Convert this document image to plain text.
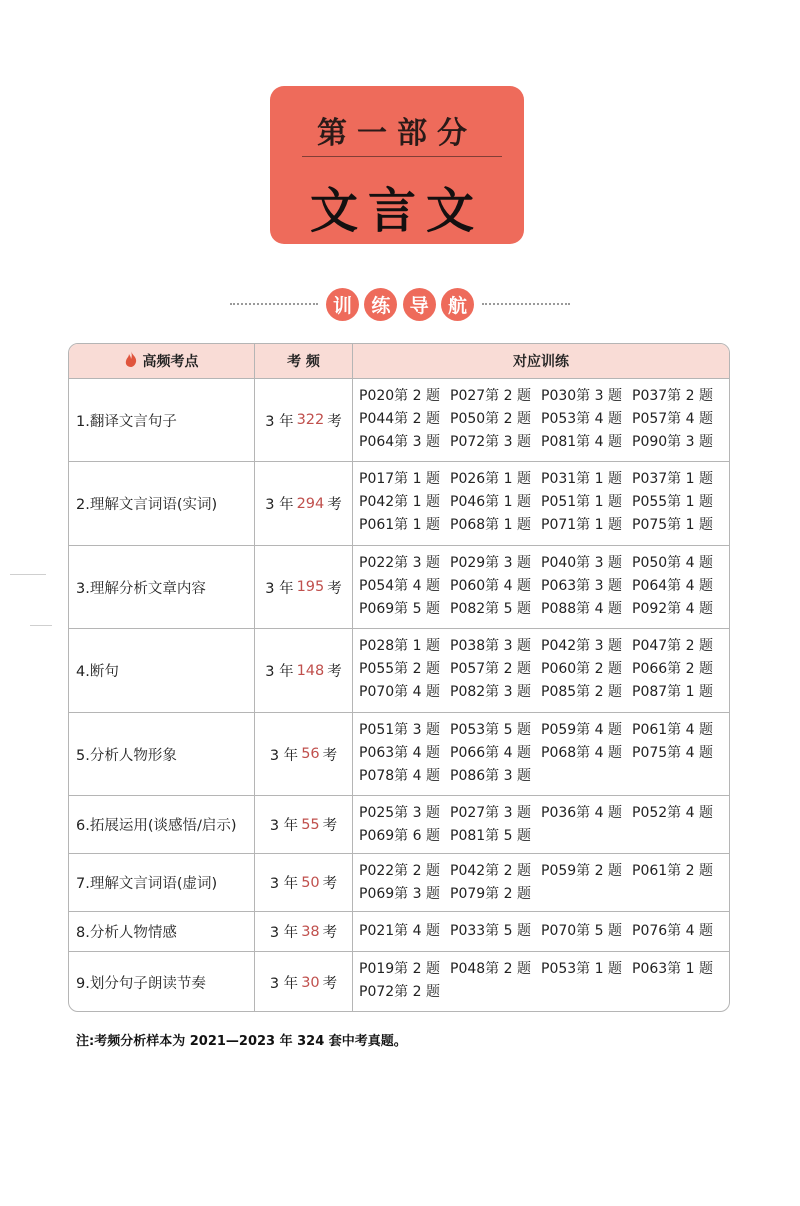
第一部分
文言文
训	练	导	航
高频考点	考 频	对应训练
1.翻译文言句子	3 年 322 考
P020第 2 题 P027第 2 题 P030第 3 题 P037第 2 题
P044第 2 题 P050第 2 题 P053第 4 题 P057第 4 题
P064第 3 题 P072第 3 题 P081第 4 题 P090第 3 题
2.理解文言词语(实词)	3 年 294 考
P017第 1 题 P026第 1 题 P031第 1 题 P037第 1 题
P042第 1 题 P046第 1 题 P051第 1 题 P055第 1 题
P061第 1 题 P068第 1 题 P071第 1 题 P075第 1 题
3.理解分析文章内容	3 年 195 考
P022第 3 题 P029第 3 题 P040第 3 题 P050第 4 题
P054第 4 题 P060第 4 题 P063第 3 题 P064第 4 题
P069第 5 题 P082第 5 题 P088第 4 题 P092第 4 题
4.断句	3 年 148 考
P028第 1 题 P038第 3 题 P042第 3 题 P047第 2 题
P055第 2 题 P057第 2 题 P060第 2 题 P066第 2 题
P070第 4 题 P082第 3 题 P085第 2 题 P087第 1 题
5.分析人物形象	3 年 56 考
P051第 3 题 P053第 5 题 P059第 4 题 P061第 4 题
P063第 4 题 P066第 4 题 P068第 4 题 P075第 4 题
P078第 4 题 P086第 3 题
6.拓展运用(谈感悟/启示)	3 年 55 考
P025第 3 题 P027第 3 题 P036第 4 题 P052第 4 题
P069第 6 题 P081第 5 题
7.理解文言词语(虚词)	3 年 50 考
P022第 2 题 P042第 2 题 P059第 2 题 P061第 2 题
P069第 3 题 P079第 2 题
8.分析人物情感	3 年 38 考 P021第 4 题 P033第 5 题 P070第 5 题 P076第 4 题
9.划分句子朗读节奏	3 年 30 考
P019第 2 题 P048第 2 题 P053第 1 题 P063第 1 题
P072第 2 题
注:考频分析样本为 2021—2023 年 324 套中考真题。
